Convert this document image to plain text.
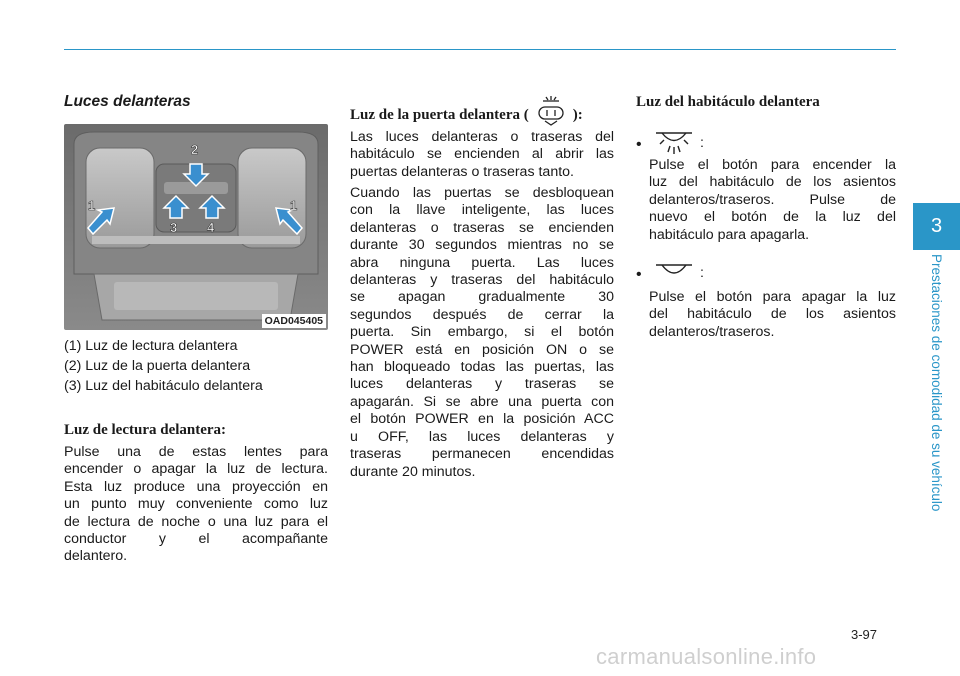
Luces delanteras
1
2
3 4
1
OAD045405
(1) Luz de lectura delantera
(2) Luz de la puerta delantera
(3) Luz del habitáculo delantera
Luz de lectura delantera:
Pulse una de estas lentes para
encender o apagar la luz de lectura.
Esta luz produce una proyección en
un punto muy conveniente como luz
de lectura de noche o una luz para el
conductor y el acompañante
delantero.
Luz de la puerta delantera (	):
Las luces delanteras o traseras del
habitáculo se encienden al abrir las
puertas delanteras o traseras tanto.
Cuando las puertas se desbloquean
con la llave inteligente, las luces
delanteras o traseras se encienden
durante 30 segundos mientras no se
abra ninguna puerta. Las luces
delanteras y traseras del habitáculo
se apagan gradualmente 30
segundos después de cerrar la
puerta. Sin embargo, si el botón
POWER está en posición ON o se
han bloqueado todas las puertas, las
luces delanteras y traseras se
apagarán. Si se abre una puerta con
el botón POWER en la posición ACC
u OFF, las luces delanteras y
traseras permanecen encendidas
durante 20 minutos.
Luz del habitáculo delantera
•	:
Pulse el botón para encender la
luz del habitáculo de los asientos
delanteros/traseros. Pulse de
nuevo el botón de la luz del
habitáculo para apagarla.
•	:
Pulse el botón para apagar la luz
del habitáculo de los asientos
delanteros/traseros.
3
Prestaciones de comodidad de su vehículo
3-97
carmanualsonline.info
